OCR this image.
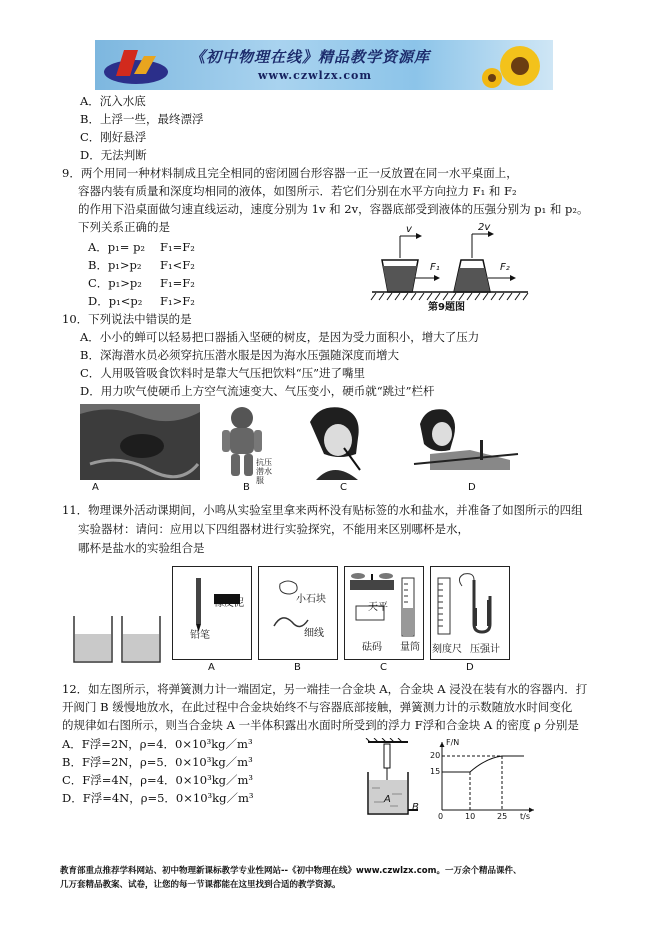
《初中物理在线》精品教学资源库
www.czwlzx.com
A．沉入水底
B．上浮一些，最终漂浮
C．刚好悬浮
D．无法判断
9．两个用同一种材料制成且完全相同的密闭圆台形容器一正一反放置在同一水平桌面上，
容器内装有质量和深度均相同的液体，如图所示．若它们分别在水平方向拉力 F₁ 和 F₂
的作用下沿桌面做匀速直线运动，速度分别为 1v 和 2v，容器底部受到液体的压强分别为 p₁ 和 p₂。
下列关系正确的是
A．p₁= p₂ F₁=F₂
B．p₁>p₂ F₁<F₂
C．p₁>p₂ F₁=F₂
D．p₁<p₂ F₁>F₂
v	2v
F₁	F₂
第9题图
10．下列说法中错误的是
A．小小的蝉可以轻易把口器插入坚硬的树皮，是因为受力面积小，增大了压力
B．深海潜水员必须穿抗压潜水服是因为海水压强随深度而增大
C．人用吸管吸食饮料时是靠大气压把饮料“压”进了嘴里
D．用力吹气使硬币上方空气流速变大、气压变小，硬币就“跳过”栏杆
抗压潜水服
A	B	C	D
11．物理课外活动课期间，小鸣从实验室里拿来两杯没有贴标签的水和盐水，并准备了如图所示的四组
实验器材：请问：应用以下四组器材进行实验探究，不能用来区别哪杯是水，
哪杯是盐水的实验组合是
橡皮泥
铅笔
A
小石块
细线
B
天平
砝码 量筒
C
刻度尺 压强计
D
12．如左图所示，将弹簧测力计一端固定，另一端挂一合金块 A，合金块 A 浸没在装有水的容器内．打
开阀门 B 缓慢地放水，在此过程中合金块始终不与容器底部接触，弹簧测力计的示数随放水时间变化
的规律如右图所示，则当合金块 A 一半体积露出水面时所受到的浮力 F浮和合金块 A 的密度 ρ 分别是
A．F浮=2N，ρ=4．0×10³kg／m³
B．F浮=2N，ρ=5．0×10³kg／m³
C．F浮=4N，ρ=4．0×10³kg／m³
D．F浮=4N，ρ=5．0×10³kg／m³	A
B
F/N
t/s
20
15
0	10	25
教育部重点推荐学科网站、初中物理新课标教学专业性网站--《初中物理在线》www.czwlzx.com。一万余个精品课件、
几万套精品教案、试卷，让您的每一节课都能在这里找到合适的教学资源。
